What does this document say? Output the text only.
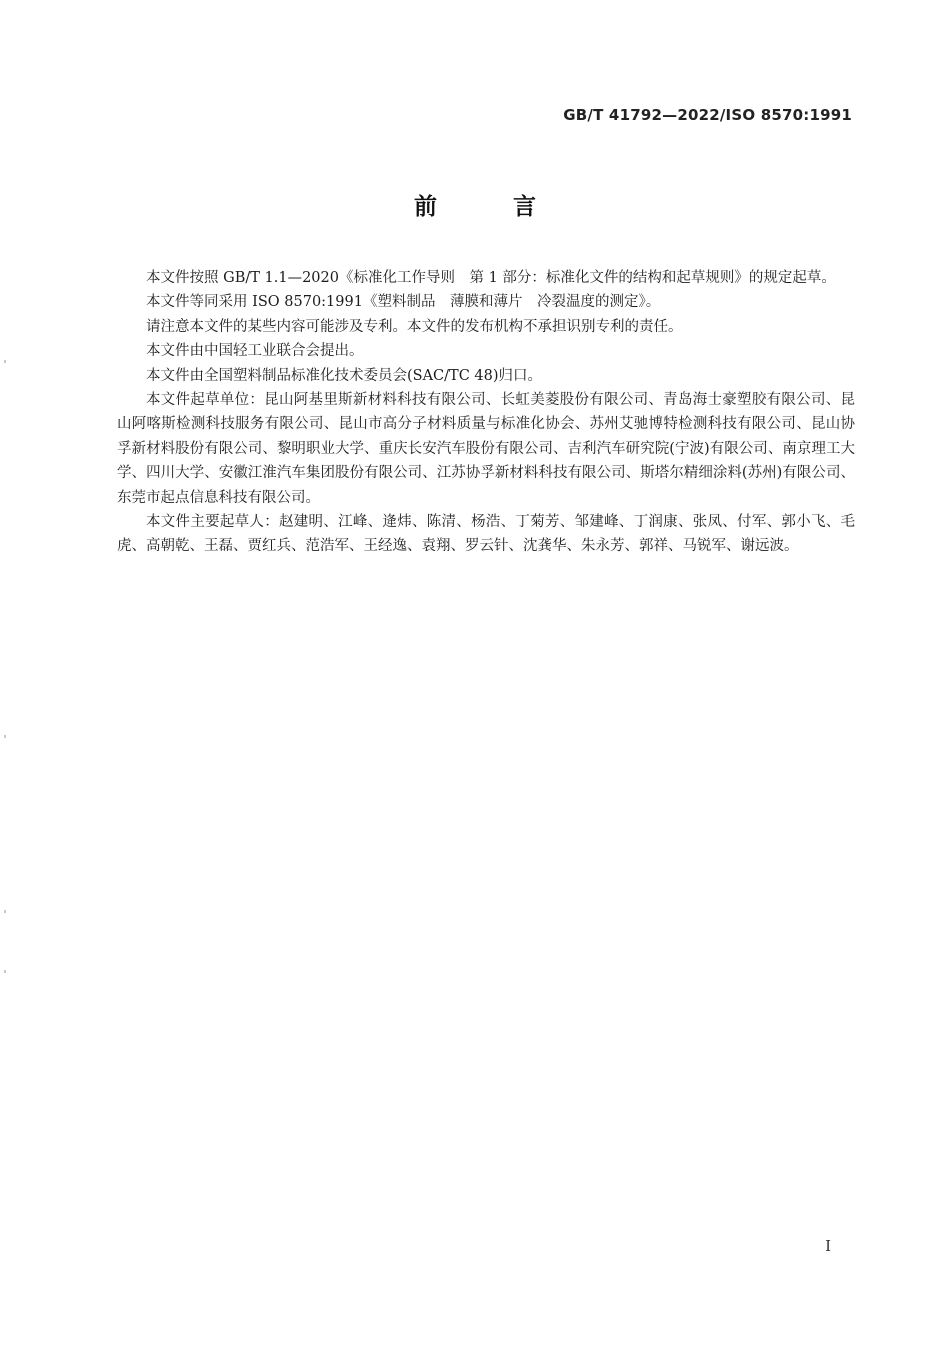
GB/T 41792—2022/ISO 8570:1991
前 言

本文件按照 GB/T 1.1—2020《标准化工作导则　第 1 部分：标准化文件的结构和起草规则》的规定起草。

本文件等同采用 ISO 8570:1991《塑料制品　薄膜和薄片　冷裂温度的测定》。

请注意本文件的某些内容可能涉及专利。本文件的发布机构不承担识别专利的责任。

本文件由中国轻工业联合会提出。

本文件由全国塑料制品标准化技术委员会(SAC/TC 48)归口。

本文件起草单位：昆山阿基里斯新材料科技有限公司、长虹美菱股份有限公司、青岛海士豪塑胶有限公司、昆山阿喀斯检测科技服务有限公司、昆山市高分子材料质量与标准化协会、苏州艾驰博特检测科技有限公司、昆山协孚新材料股份有限公司、黎明职业大学、重庆长安汽车股份有限公司、吉利汽车研究院(宁波)有限公司、南京理工大学、四川大学、安徽江淮汽车集团股份有限公司、江苏协孚新材料科技有限公司、斯塔尔精细涂料(苏州)有限公司、东莞市起点信息科技有限公司。

本文件主要起草人：赵建明、江峰、逄炜、陈清、杨浩、丁菊芳、邹建峰、丁润康、张凤、付军、郭小飞、毛虎、高朝乾、王磊、贾红兵、范浩军、王经逸、袁翔、罗云针、沈龚华、朱永芳、郭祥、马锐军、谢远波。

I
